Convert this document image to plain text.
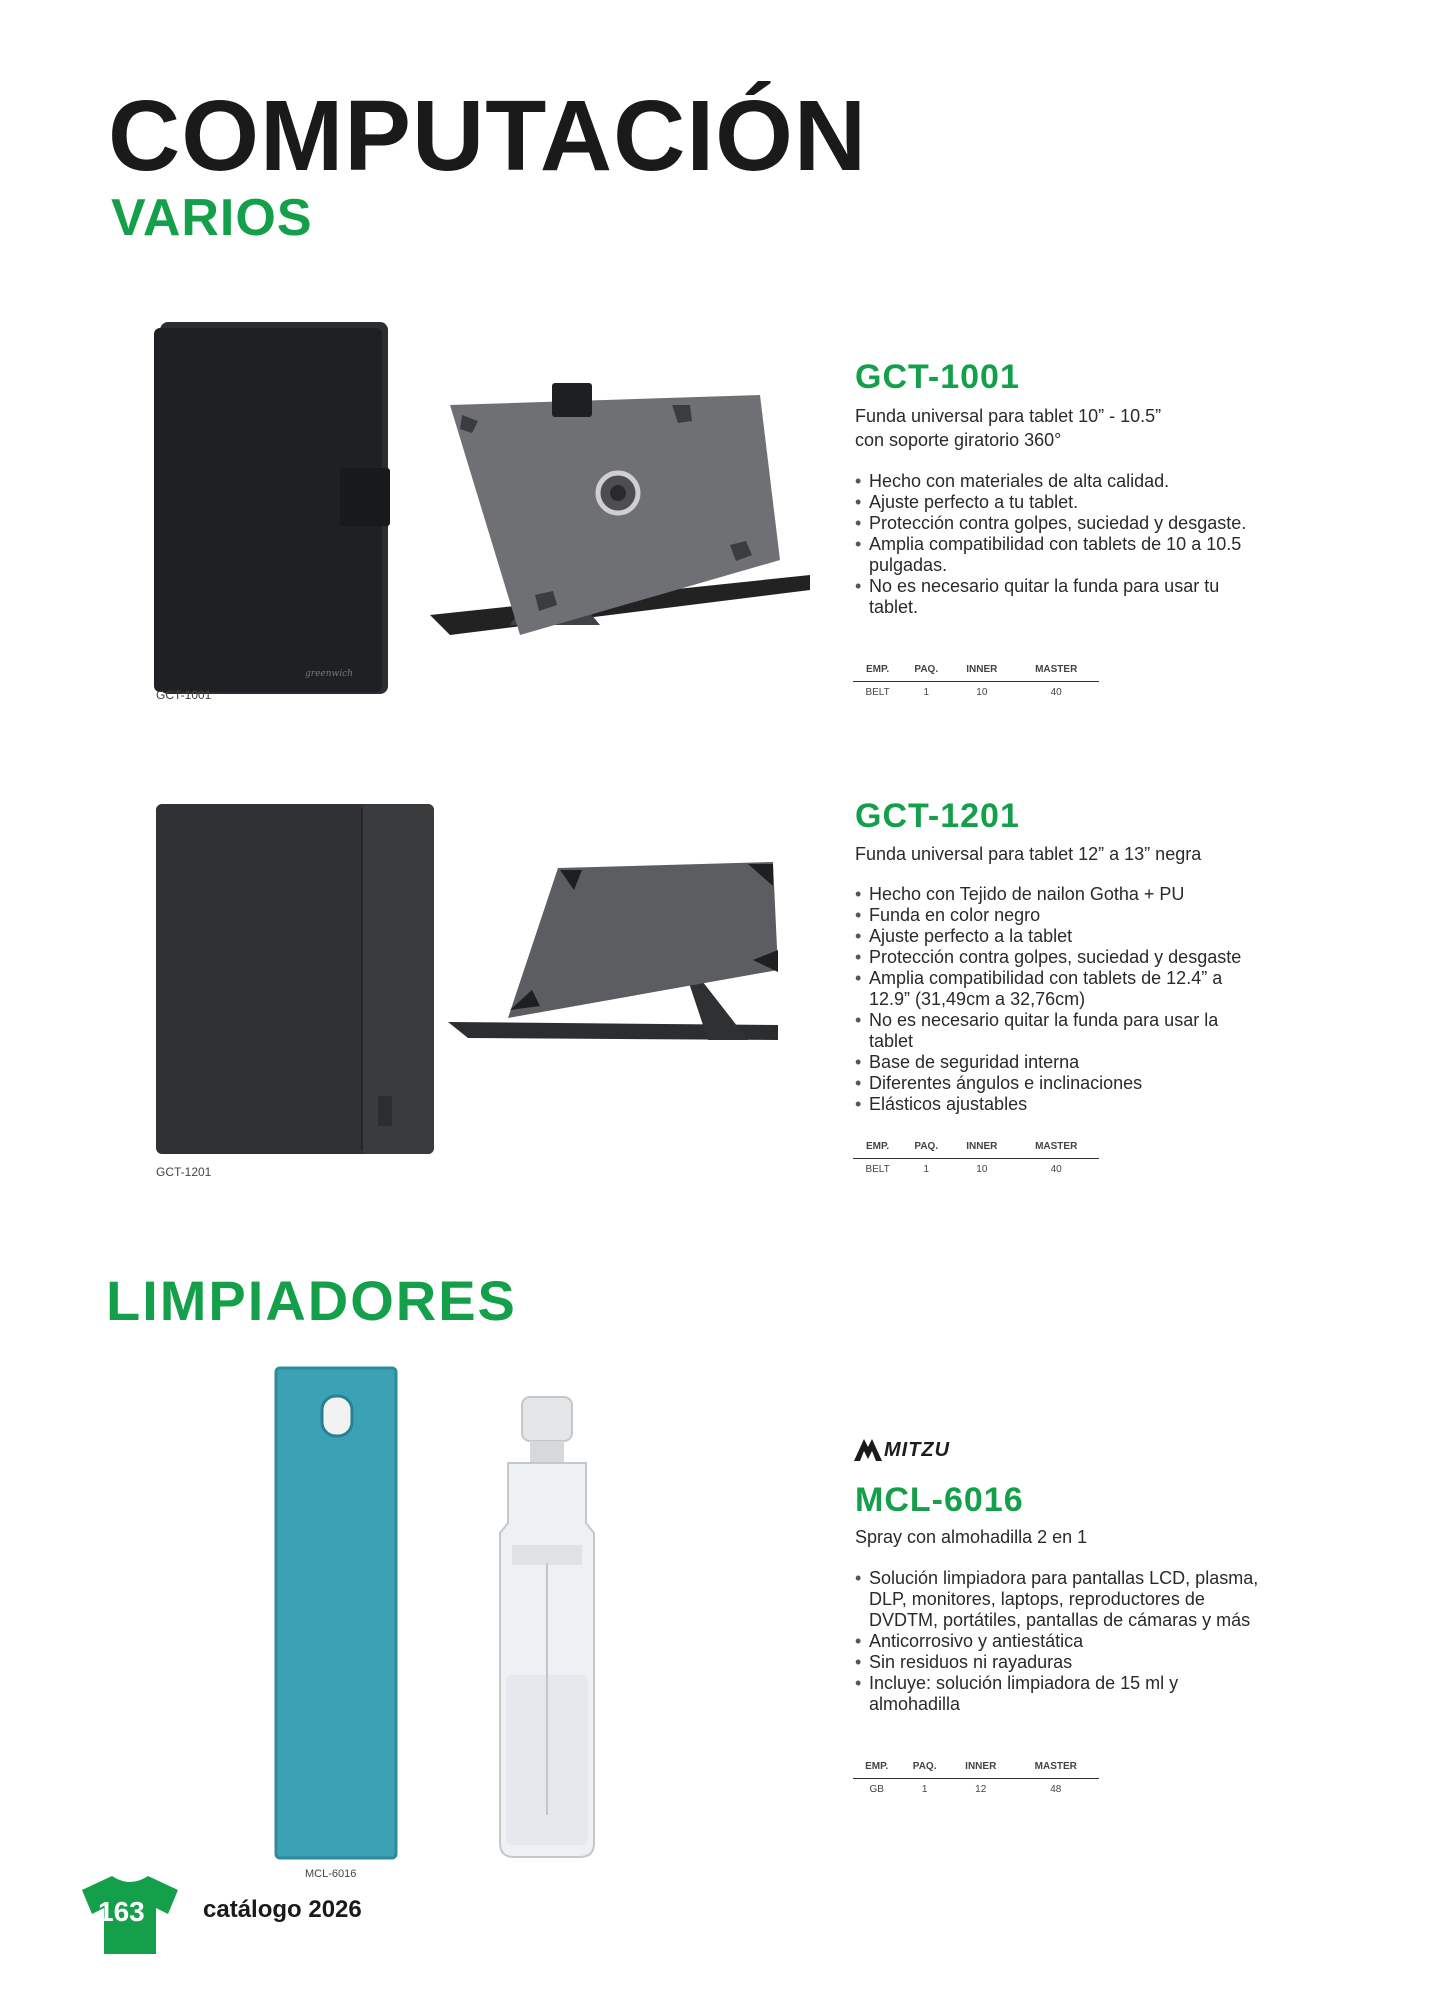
COMPUTACIÓN
VARIOS
greenwich
GCT-1001
GCT-1001
Funda universal para tablet 10” - 10.5”
con soporte giratorio 360°
• Hecho con materiales de alta calidad.
• Ajuste perfecto a tu tablet.
• Protección contra golpes, suciedad y desgaste.
• Amplia compatibilidad con tablets de 10 a 10.5 pulgadas.
• No es necesario quitar la funda para usar tu tablet.
EMP.	PAQ.	INNER	MASTER
BELT	1	10	40
GCT-1201
GCT-1201
Funda universal para tablet 12” a 13” negra
• Hecho con Tejido de nailon Gotha + PU
• Funda en color negro
• Ajuste perfecto a la tablet
• Protección contra golpes, suciedad y desgaste
• Amplia compatibilidad con tablets de 12.4” a 12.9” (31,49cm a 32,76cm)
• No es necesario quitar la funda para usar la tablet
• Base de seguridad interna
• Diferentes ángulos e inclinaciones
• Elásticos ajustables
EMP.	PAQ.	INNER	MASTER
BELT	1	10	40
LIMPIADORES
MCL-6016
MITZU
MCL-6016
Spray con almohadilla 2 en 1
• Solución limpiadora para pantallas LCD, plasma, DLP, monitores, laptops, reproductores de DVDTM, portátiles, pantallas de cámaras y más
• Anticorrosivo y antiestática
• Sin residuos ni rayaduras
• Incluye: solución limpiadora de 15 ml y almohadilla
EMP.	PAQ.	INNER	MASTER
GB	1	12	48
163 catálogo 2026
